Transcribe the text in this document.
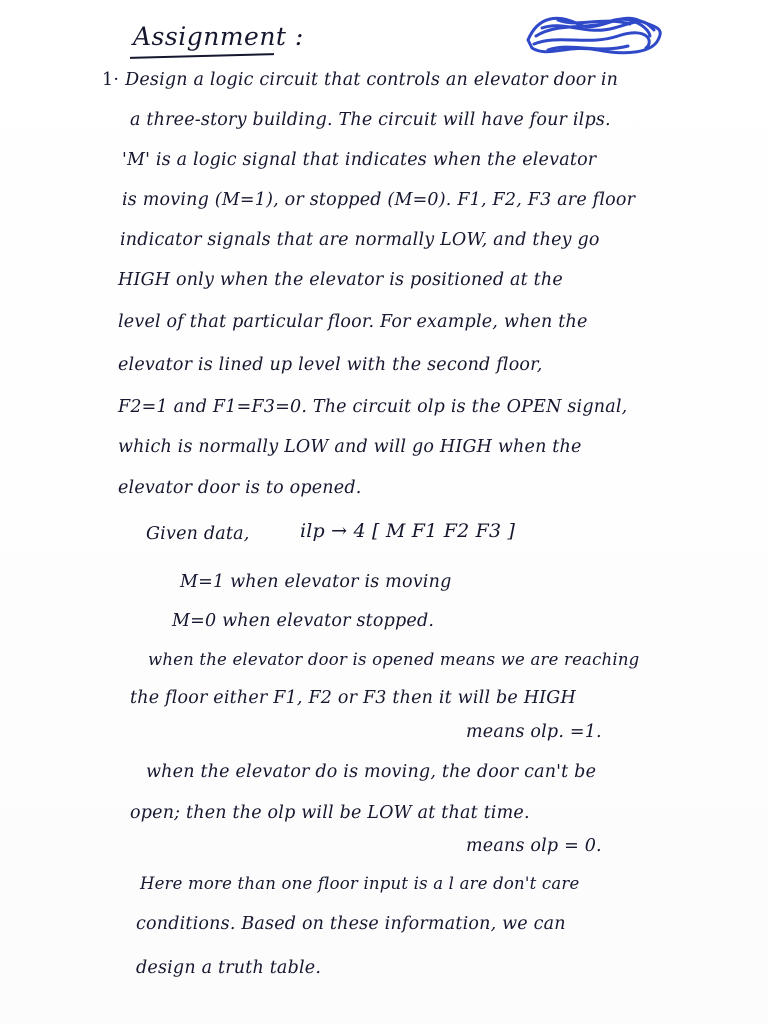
Assignment :
1· Design a logic circuit that controls an elevator door in
a three-story building. The circuit will have four ilps.
'M' is a logic signal that indicates when the elevator
is moving (M=1), or stopped (M=0). F1, F2, F3 are floor
indicator signals that are normally LOW, and they go
HIGH only when the elevator is positioned at the
level of that particular floor. For example, when the
elevator is lined up level with the second floor,
F2=1 and F1=F3=0. The circuit olp is the OPEN signal,
which is normally LOW and will go HIGH when the
elevator door is to opened.
Given data,	ilp → 4 [ M F1 F2 F3 ]
M=1 when elevator is moving
M=0 when elevator stopped.
when the elevator door is opened means we are reaching
the floor either F1, F2 or F3 then it will be HIGH
means olp. =1.
when the elevator do is moving, the door can't be
open; then the olp will be LOW at that time.
means olp = 0.
Here more than one floor input is a l are don't care
conditions. Based on these information, we can
design a truth table.
